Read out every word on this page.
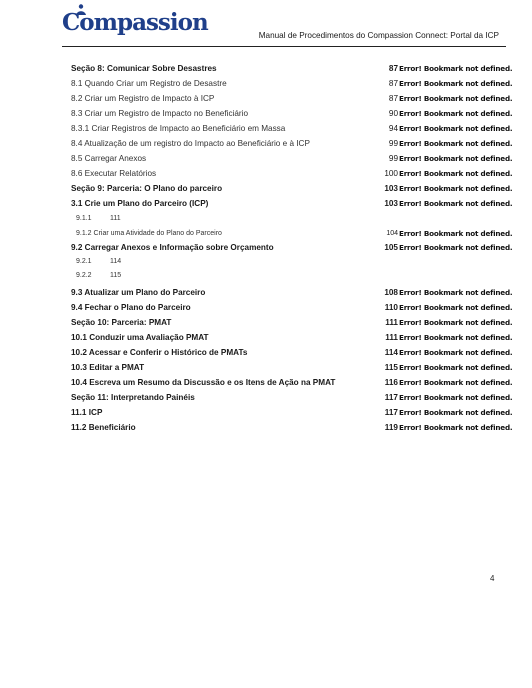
Compassion	Manual de Procedimentos do Compassion Connect: Portal da ICP
Seção 8: Comunicar Sobre Desastres	87 Error! Bookmark not defined.
8.1 Quando Criar um Registro de Desastre	87 Error! Bookmark not defined.
8.2 Criar um Registro de Impacto à ICP	87 Error! Bookmark not defined.
8.3 Criar um Registro de Impacto no Beneficiário	90 Error! Bookmark not defined.
8.3.1 Criar Registros de Impacto ao Beneficiário em Massa	94 Error! Bookmark not defined.
8.4 Atualização de um registro do Impacto ao Beneficiário e à ICP	99 Error! Bookmark not defined.
8.5 Carregar Anexos	99 Error! Bookmark not defined.
8.6 Executar Relatórios	100 Error! Bookmark not defined.
Seção 9: Parceria: O Plano do parceiro	103 Error! Bookmark not defined.
3.1 Crie um Plano do Parceiro (ICP)	103 Error! Bookmark not defined.
9.1.1	111
9.1.2 Criar uma Atividade do Plano do Parceiro	104 Error! Bookmark not defined.
9.2 Carregar Anexos e Informação sobre Orçamento	105 Error! Bookmark not defined.
9.2.1	114
9.2.2	115
9.3 Atualizar um Plano do Parceiro	108 Error! Bookmark not defined.
9.4 Fechar o Plano do Parceiro	110 Error! Bookmark not defined.
Seção 10: Parceria: PMAT	111 Error! Bookmark not defined.
10.1 Conduzir uma Avaliação PMAT	111 Error! Bookmark not defined.
10.2 Acessar e Conferir o Histórico de PMATs	114 Error! Bookmark not defined.
10.3 Editar a PMAT	115 Error! Bookmark not defined.
10.4 Escreva um Resumo da Discussão e os Itens de Ação na PMAT	116 Error! Bookmark not defined.
Seção 11: Interpretando Painéis	117 Error! Bookmark not defined.
11.1 ICP	117 Error! Bookmark not defined.
11.2 Beneficiário	119 Error! Bookmark not defined.
4
